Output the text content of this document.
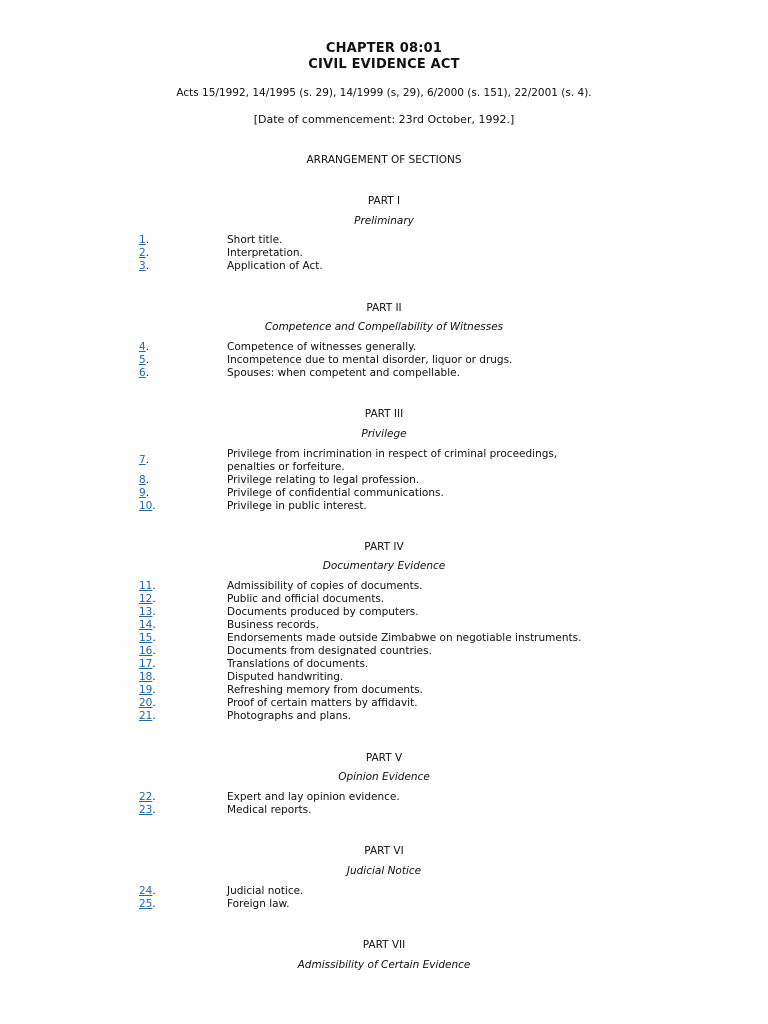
CHAPTER 08:01
CIVIL EVIDENCE ACT
Acts 15/1992, 14/1995 (s. 29), 14/1999 (s, 29), 6/2000 (s. 151), 22/2001 (s. 4).
[Date of commencement: 23rd October, 1992.]
ARRANGEMENT OF SECTIONS
PART I
Preliminary
1.	Short title.
2.	Interpretation.
3.	Application of Act.
PART II
Competence and Compellability of Witnesses
4.	Competence of witnesses generally.
5.	Incompetence due to mental disorder, liquor or drugs.
6.	Spouses: when competent and compellable.
PART III
Privilege
7.	Privilege from incrimination in respect of criminal proceedings,
penalties or forfeiture.
8.	Privilege relating to legal profession.
9.	Privilege of confidential communications.
10.	Privilege in public interest.
PART IV
Documentary Evidence
11.	Admissibility of copies of documents.
12.	Public and official documents.
13.	Documents produced by computers.
14.	Business records.
15.	Endorsements made outside Zimbabwe on negotiable instruments.
16.	Documents from designated countries.
17.	Translations of documents.
18.	Disputed handwriting.
19.	Refreshing memory from documents.
20.	Proof of certain matters by affidavit.
21.	Photographs and plans.
PART V
Opinion Evidence
22.	Expert and lay opinion evidence.
23.	Medical reports.
PART VI
Judicial Notice
24.	Judicial notice.
25.	Foreign law.
PART VII
Admissibility of Certain Evidence
